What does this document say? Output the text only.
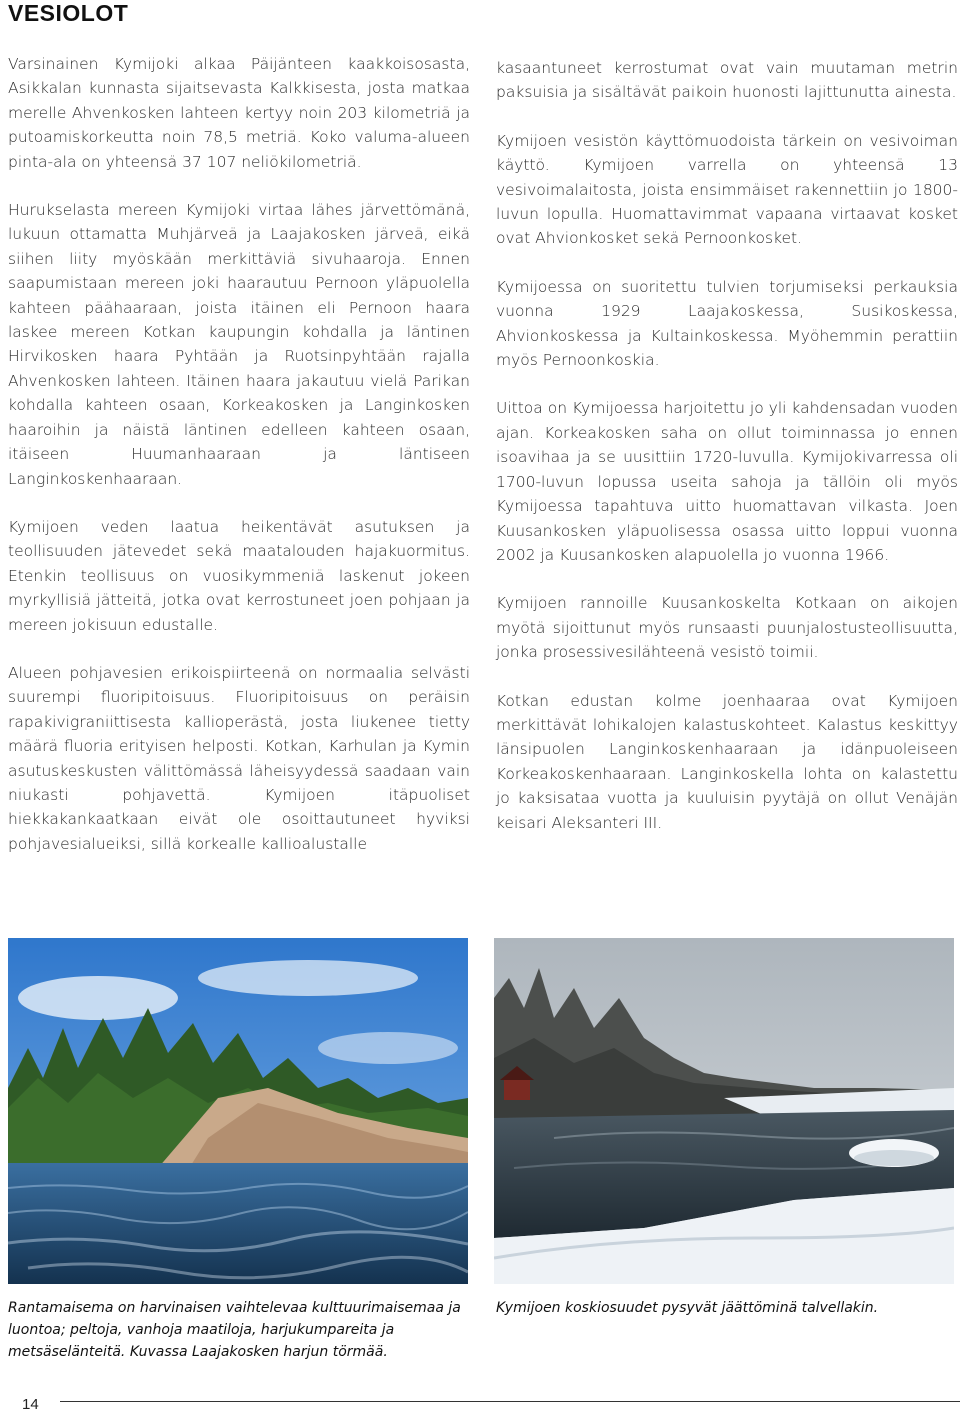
VESIOLOT

Varsinainen Kymijoki alkaa Päijänteen kaakkoisosasta, Asikkalan kunnasta sijaitsevasta Kalkkisesta, josta matkaa merelle Ahvenkosken lahteen kertyy noin 203 kilometriä ja putoamiskorkeutta noin 78,5 metriä. Koko valuma-alueen pinta-ala on yhteensä 37 107 neliökilometriä.

Hurukselasta mereen Kymijoki virtaa lähes järvettömänä, lukuun ottamatta Muhjärveä ja Laajakosken järveä, eikä siihen liity myöskään merkittäviä sivuhaaroja. Ennen saapumistaan mereen joki haarautuu Pernoon yläpuolella kahteen päähaaraan, joista itäinen eli Pernoon haara laskee mereen Kotkan kaupungin kohdalla ja läntinen Hirvikosken haara Pyhtään ja Ruotsinpyhtään rajalla Ahvenkosken lahteen. Itäinen haara jakautuu vielä Parikan kohdalla kahteen osaan, Korkeakosken ja Langinkosken haaroihin ja näistä läntinen edelleen kahteen osaan, itäiseen Huumanhaaraan ja läntiseen Langinkoskenhaaraan.

Kymijoen veden laatua heikentävät asutuksen ja teollisuuden jätevedet sekä maatalouden hajakuormitus. Etenkin teollisuus on vuosikymmeniä laskenut jokeen myrkyllisiä jätteitä, jotka ovat kerrostuneet joen pohjaan ja mereen jokisuun edustalle.

Alueen pohjavesien erikoispiirteenä on normaalia selvästi suurempi fluoripitoisuus. Fluoripitoisuus on peräisin rapakivigraniittisesta kallioperästä, josta liukenee tietty määrä fluoria erityisen helposti. Kotkan, Karhulan ja Kymin asutuskeskusten välittömässä läheisyydessä saadaan vain niukasti pohjavettä. Kymijoen itäpuoliset hiekkakankaatkaan eivät ole osoittautuneet hyviksi pohjavesialueiksi, sillä korkealle kallioalustalle

kasaantuneet kerrostumat ovat vain muutaman metrin paksuisia ja sisältävät paikoin huonosti lajittunutta ainesta.

Kymijoen vesistön käyttömuodoista tärkein on vesivoiman käyttö. Kymijoen varrella on yhteensä 13 vesivoimalaitosta, joista ensimmäiset rakennettiin jo 1800-luvun lopulla. Huomattavimmat vapaana virtaavat kosket ovat Ahvionkosket sekä Pernoonkosket.

Kymijoessa on suoritettu tulvien torjumiseksi perkauksia vuonna 1929 Laajakoskessa, Susikoskessa, Ahvionkoskessa ja Kultainkoskessa. Myöhemmin perattiin myös Pernoonkoskia.

Uittoa on Kymijoessa harjoitettu jo yli kahdensadan vuoden ajan. Korkeakosken saha on ollut toiminnassa jo ennen isoavihaa ja se uusittiin 1720-luvulla. Kymijokivarressa oli 1700-luvun lopussa useita sahoja ja tällöin oli myös Kymijoessa tapahtuva uitto huomattavan vilkasta. Joen Kuusankosken yläpuolisessa osassa uitto loppui vuonna 2002 ja Kuusankosken alapuolella jo vuonna 1966.

Kymijoen rannoille Kuusankoskelta Kotkaan on aikojen myötä sijoittunut myös runsaasti puunjalostusteollisuutta, jonka prosessivesilähteenä vesistö toimii.

Kotkan edustan kolme joenhaaraa ovat Kymijoen merkittävät lohikalojen kalastuskohteet. Kalastus keskittyy länsipuolen Langinkoskenhaaraan ja idänpuoleiseen Korkeakoskenhaaraan. Langinkoskella lohta on kalastettu jo kaksisataa vuotta ja kuuluisin pyytäjä on ollut Venäjän keisari Aleksanteri III.

Rantamaisema on harvinaisen vaihtelevaa kulttuurimaisemaa ja luontoa; peltoja, vanhoja maatiloja, harjukumpareita ja metsäselänteitä. Kuvassa Laajakosken harjun törmää.
Kymijoen koskiosuudet pysyvät jäättöminä talvellakin.
14
